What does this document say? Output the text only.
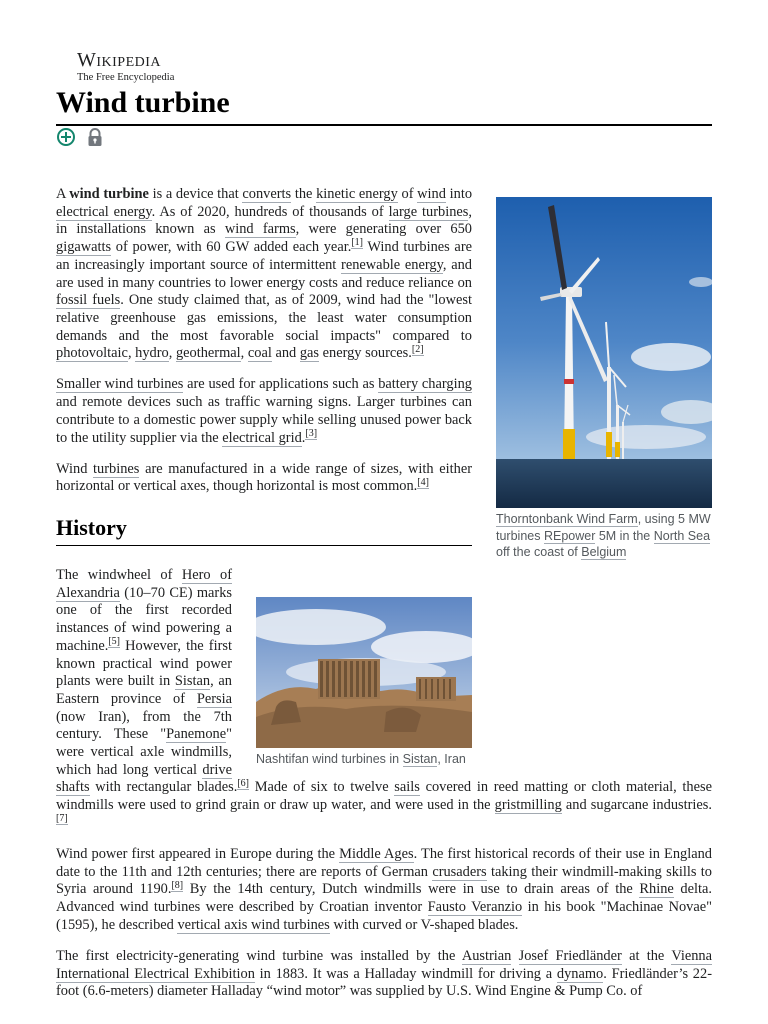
Wikipedia
The Free Encyclopedia
Wind turbine
Thorntonbank Wind Farm, using 5 MW turbines REpower 5M in the North Sea off the coast of Belgium

A wind turbine is a device that converts the kinetic energy of wind into electrical energy. As of 2020, hundreds of thousands of large turbines, in installations known as wind farms, were generating over 650 gigawatts of power, with 60 GW added each year.[1] Wind turbines are an increasingly important source of intermittent renewable energy, and are used in many countries to lower energy costs and reduce reliance on fossil fuels. One study claimed that, as of 2009, wind had the "lowest relative greenhouse gas emissions, the least water consumption demands and the most favorable social impacts" compared to photovoltaic, hydro, geothermal, coal and gas energy sources.[2]

Smaller wind turbines are used for applications such as battery charging and remote devices such as traffic warning signs. Larger turbines can contribute to a domestic power supply while selling unused power back to the utility supplier via the electrical grid.[3]

Wind turbines are manufactured in a wide range of sizes, with either horizontal or vertical axes, though horizontal is most common.[4]

History
Nashtifan wind turbines in Sistan, Iran

The windwheel of Hero of Alexandria (10–70 CE) marks one of the first recorded instances of wind powering a machine.[5] However, the first known practical wind power plants were built in Sistan, an Eastern province of Persia (now Iran), from the 7th century. These "Panemone" were vertical axle windmills, which had long vertical drive shafts with rectangular blades.[6] Made of six to twelve sails covered in reed matting or cloth material, these windmills were used to grind grain or draw up water, and were used in the gristmilling and sugarcane industries.[7]

Wind power first appeared in Europe during the Middle Ages. The first historical records of their use in England date to the 11th and 12th centuries; there are reports of German crusaders taking their windmill-making skills to Syria around 1190.[8] By the 14th century, Dutch windmills were in use to drain areas of the Rhine delta. Advanced wind turbines were described by Croatian inventor Fausto Veranzio in his book "Machinae Novae" (1595), he described vertical axis wind turbines with curved or V-shaped blades.

The first electricity-generating wind turbine was installed by the Austrian Josef Friedländer at the Vienna International Electrical Exhibition in 1883. It was a Halladay windmill for driving a dynamo. Friedländer’s 22-foot (6.6-meters) diameter Halladay “wind motor” was supplied by U.S. Wind Engine & Pump Co. of
